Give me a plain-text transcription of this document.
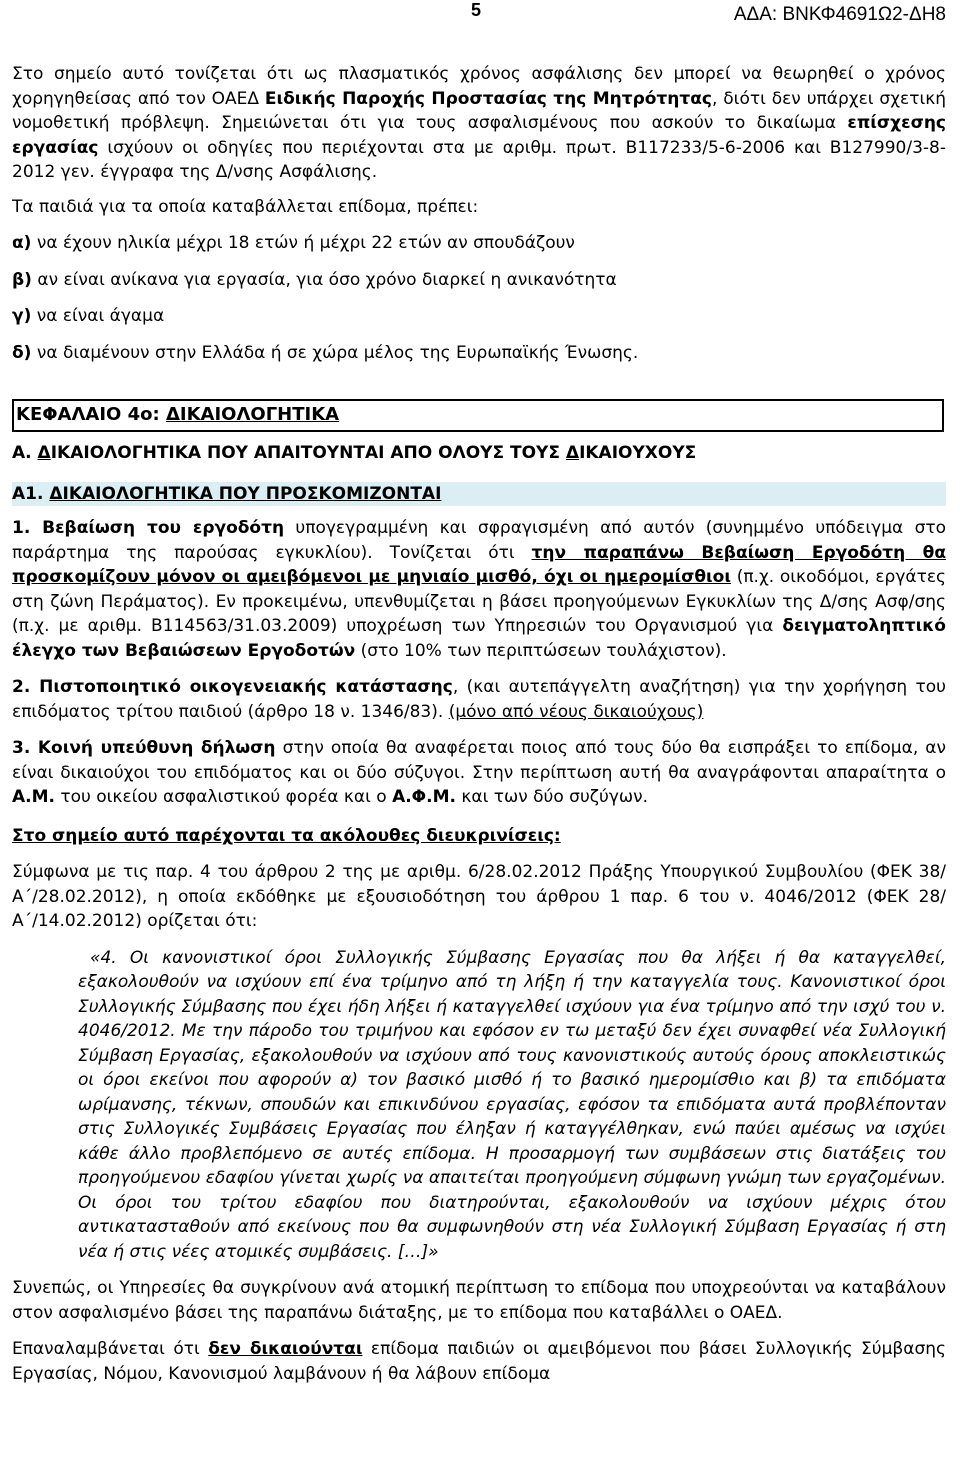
5	ΑΔΑ: ΒΝΚΦ4691Ω2-ΔΗ8

Στο σημείο αυτό τονίζεται ότι ως πλασματικός χρόνος ασφάλισης δεν μπορεί να θεωρηθεί ο χρόνος χορηγηθείσας από τον ΟΑΕΔ Ειδικής Παροχής Προστασίας της Μητρότητας, διότι δεν υπάρχει σχετική νομοθετική πρόβλεψη. Σημειώνεται ότι για τους ασφαλισμένους που ασκούν το δικαίωμα επίσχεσης εργασίας ισχύουν οι οδηγίες που περιέχονται στα με αριθμ. πρωτ. Β117233/5-6-2006 και Β127990/3-8-2012 γεν. έγγραφα της Δ/νσης Ασφάλισης.

Τα παιδιά για τα οποία καταβάλλεται επίδομα, πρέπει:

α) να έχουν ηλικία μέχρι 18 ετών ή μέχρι 22 ετών αν σπουδάζουν

β) αν είναι ανίκανα για εργασία, για όσο χρόνο διαρκεί η ανικανότητα

γ) να είναι άγαμα

δ) να διαμένουν στην Ελλάδα ή σε χώρα μέλος της Ευρωπαϊκής Ένωσης.

ΚΕΦΑΛΑΙΟ 4ο: ΔΙΚΑΙΟΛΟΓΗΤΙΚΑ

Α. ΔΙΚΑΙΟΛΟΓΗΤΙΚΑ ΠΟΥ ΑΠΑΙΤΟΥΝΤΑΙ ΑΠΟ ΟΛΟΥΣ ΤΟΥΣ ΔΙΚΑΙΟΥΧΟΥΣ

Α1. ΔΙΚΑΙΟΛΟΓΗΤΙΚΑ ΠΟΥ ΠΡΟΣΚΟΜΙΖΟΝΤΑΙ

1. Βεβαίωση του εργοδότη υπογεγραμμένη και σφραγισμένη από αυτόν (συνημμένο υπόδειγμα στο παράρτημα της παρούσας εγκυκλίου). Τονίζεται ότι την παραπάνω Βεβαίωση Εργοδότη θα προσκομίζουν μόνον οι αμειβόμενοι με μηνιαίο μισθό, όχι οι ημερομίσθιοι (π.χ. οικοδόμοι, εργάτες στη ζώνη Περάματος). Εν προκειμένω, υπενθυμίζεται η βάσει προηγούμενων Εγκυκλίων της Δ/σης Ασφ/σης (π.χ. με αριθμ. Β114563/31.03.2009) υποχρέωση των Υπηρεσιών του Οργανισμού για δειγματοληπτικό έλεγχο των Βεβαιώσεων Εργοδοτών (στο 10% των περιπτώσεων τουλάχιστον).

2. Πιστοποιητικό οικογενειακής κατάστασης, (και αυτεπάγγελτη αναζήτηση) για την χορήγηση του επιδόματος τρίτου παιδιού (άρθρο 18 ν. 1346/83). (μόνο από νέους δικαιούχους)

3. Κοινή υπεύθυνη δήλωση στην οποία θα αναφέρεται ποιος από τους δύο θα εισπράξει το επίδομα, αν είναι δικαιούχοι του επιδόματος και οι δύο σύζυγοι. Στην περίπτωση αυτή θα αναγράφονται απαραίτητα ο Α.Μ. του οικείου ασφαλιστικού φορέα και ο Α.Φ.Μ. και των δύο συζύγων.

Στο σημείο αυτό παρέχονται τα ακόλουθες διευκρινίσεις:

Σύμφωνα με τις παρ. 4 του άρθρου 2 της με αριθμ. 6/28.02.2012 Πράξης Υπουργικού Συμβουλίου (ΦΕΚ 38/Α΄/28.02.2012), η οποία εκδόθηκε με εξουσιοδότηση του άρθρου 1 παρ. 6 του ν. 4046/2012 (ΦΕΚ 28/Α΄/14.02.2012) ορίζεται ότι:

«4. Οι κανονιστικοί όροι Συλλογικής Σύμβασης Εργασίας που θα λήξει ή θα καταγγελθεί, εξακολουθούν να ισχύουν επί ένα τρίμηνο από τη λήξη ή την καταγγελία τους. Κανονιστικοί όροι Συλλογικής Σύμβασης που έχει ήδη λήξει ή καταγγελθεί ισχύουν για ένα τρίμηνο από την ισχύ του ν. 4046/2012. Με την πάροδο του τριμήνου και εφόσον εν τω μεταξύ δεν έχει συναφθεί νέα Συλλογική Σύμβαση Εργασίας, εξακολουθούν να ισχύουν από τους κανονιστικούς αυτούς όρους αποκλειστικώς οι όροι εκείνοι που αφορούν α) τον βασικό μισθό ή το βασικό ημερομίσθιο και β) τα επιδόματα ωρίμανσης, τέκνων, σπουδών και επικινδύνου εργασίας, εφόσον τα επιδόματα αυτά προβλέπονταν στις Συλλογικές Συμβάσεις Εργασίας που έληξαν ή καταγγέλθηκαν, ενώ παύει αμέσως να ισχύει κάθε άλλο προβλεπόμενο σε αυτές επίδομα. Η προσαρμογή των συμβάσεων στις διατάξεις του προηγούμενου εδαφίου γίνεται χωρίς να απαιτείται προηγούμενη σύμφωνη γνώμη των εργαζομένων. Οι όροι του τρίτου εδαφίου που διατηρούνται, εξακολουθούν να ισχύουν μέχρις ότου αντικατασταθούν από εκείνους που θα συμφωνηθούν στη νέα Συλλογική Σύμβαση Εργασίας ή στη νέα ή στις νέες ατομικές συμβάσεις. […]»

Συνεπώς, οι Υπηρεσίες θα συγκρίνουν ανά ατομική περίπτωση το επίδομα που υποχρεούνται να καταβάλουν στον ασφαλισμένο βάσει της παραπάνω διάταξης, με το επίδομα που καταβάλλει ο ΟΑΕΔ.

Επαναλαμβάνεται ότι δεν δικαιούνται επίδομα παιδιών οι αμειβόμενοι που βάσει Συλλογικής Σύμβασης Εργασίας, Νόμου, Κανονισμού λαμβάνουν ή θα λάβουν επίδομα
